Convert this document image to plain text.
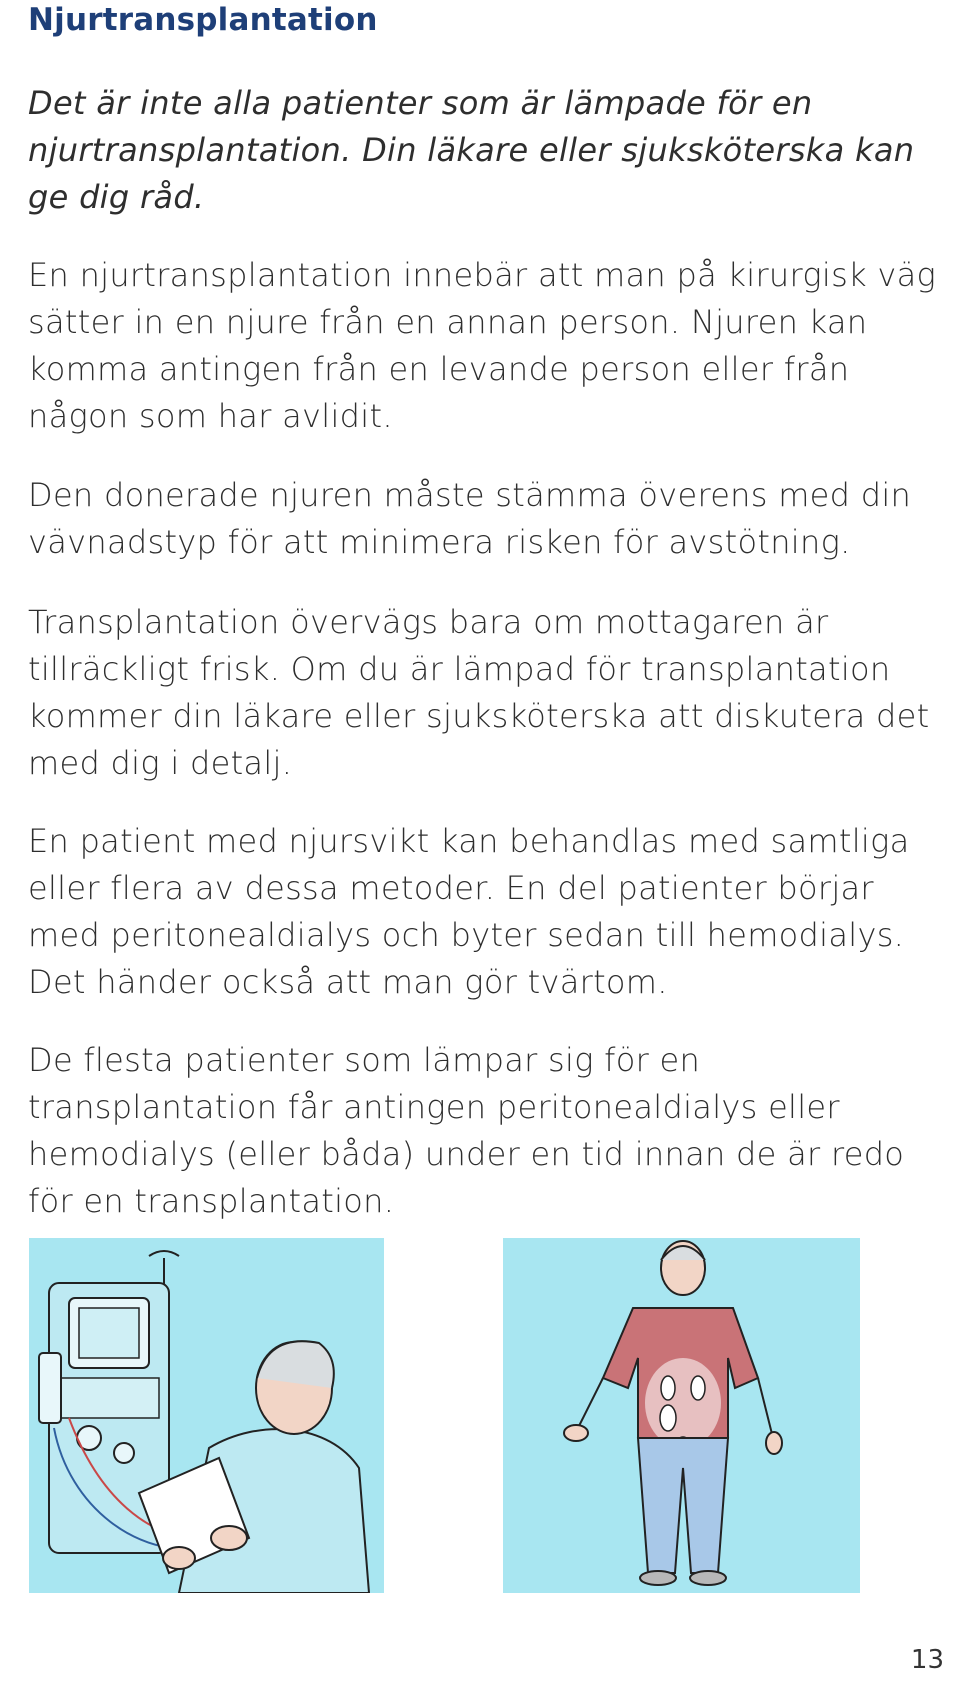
Njurtransplantation

Det är inte alla patienter som är lämpade för en njurtransplantation. Din läkare eller sjuksköterska kan ge dig råd.

En njurtransplantation innebär att man på kirurgisk väg sätter in en njure från en annan person. Njuren kan komma antingen från en levande person eller från någon som har avlidit.

Den donerade njuren måste stämma överens med din vävnadstyp för att minimera risken för avstötning.

Transplantation övervägs bara om mottagaren är tillräckligt frisk. Om du är lämpad för transplantation kommer din läkare eller sjuksköterska att diskutera det med dig i detalj.

En patient med njursvikt kan behandlas med samtliga eller flera av dessa metoder. En del patienter börjar med peritonealdialys och byter sedan till hemodialys. Det händer också att man gör tvärtom.

De flesta patienter som lämpar sig för en transplantation får antingen peritonealdialys eller hemodialys (eller båda) under en tid innan de är redo för en transplantation.

13
